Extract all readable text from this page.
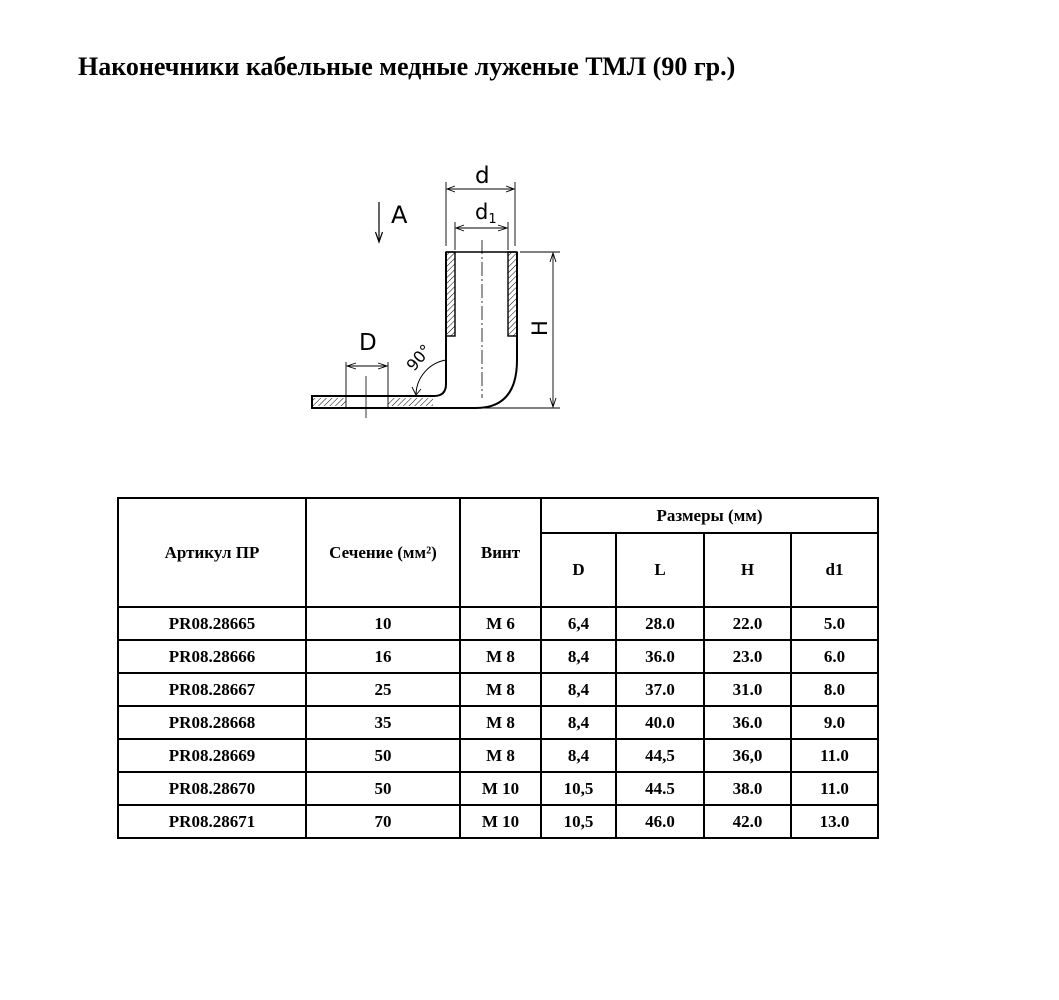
Наконечники кабельные медные луженые ТМЛ (90 гр.)
A
d
d1
H
D 90°
Артикул ПР	Сечение (мм²)	Винт	Размеры (мм)			
			D	L	H	d1
PR08.28665	10	М 6	6,4	28.0	22.0	5.0
PR08.28666	16	М 8	8,4	36.0	23.0	6.0
PR08.28667	25	М 8	8,4	37.0	31.0	8.0
PR08.28668	35	М 8	8,4	40.0	36.0	9.0
PR08.28669	50	М 8	8,4	44,5	36,0	11.0
PR08.28670	50	М 10	10,5	44.5	38.0	11.0
PR08.28671	70	М 10	10,5	46.0	42.0	13.0
